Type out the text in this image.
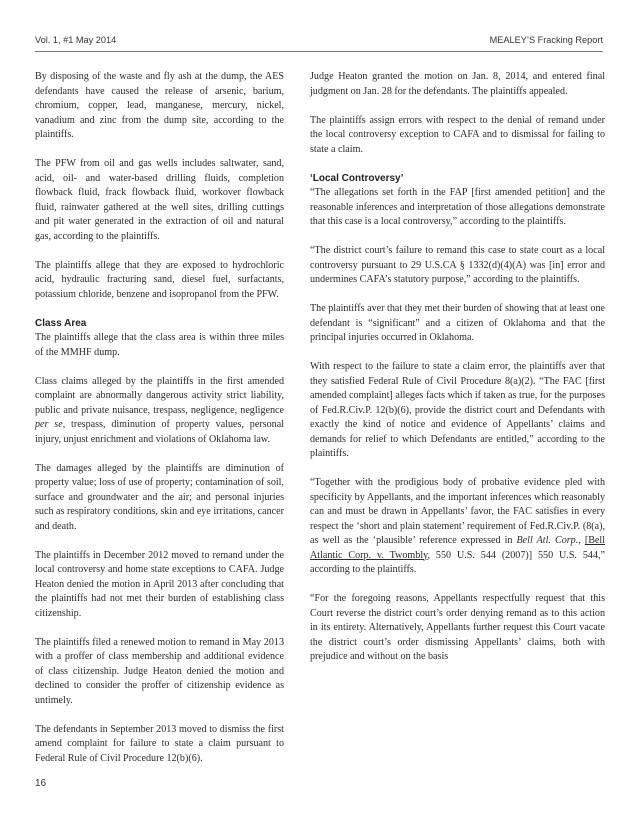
Vol. 1, #1 May 2014	MEALEY’S Fracking Report

By disposing of the waste and fly ash at the dump, the AES defendants have caused the release of arsenic, barium, chromium, copper, lead, manganese, mercury, nickel, vanadium and zinc from the dump site, according to the plaintiffs.

The PFW from oil and gas wells includes saltwater, sand, acid, oil- and water-based drilling fluids, completion flowback fluid, frack flowback fluid, workover flowback fluid, rainwater gathered at the well sites, drilling cuttings and pit water generated in the extraction of oil and natural gas, according to the plaintiffs.

The plaintiffs allege that they are exposed to hydrochloric acid, hydraulic fracturing sand, diesel fuel, surfactants, potassium chloride, benzene and isopropanol from the PFW.

Class Area

The plaintiffs allege that the class area is within three miles of the MMHF dump.

Class claims alleged by the plaintiffs in the first amended complaint are abnormally dangerous activity strict liability, public and private nuisance, trespass, negligence, negligence per se, trespass, diminution of property values, personal injury, unjust enrichment and violations of Oklahoma law.

The damages alleged by the plaintiffs are diminution of property value; loss of use of property; contamination of soil, surface and groundwater and the air; and personal injuries such as respiratory conditions, skin and eye irritations, cancer and death.

The plaintiffs in December 2012 moved to remand under the local controversy and home state exceptions to CAFA. Judge Heaton denied the motion in April 2013 after concluding that the plaintiffs had not met their burden of establishing class citizenship.

The plaintiffs filed a renewed motion to remand in May 2013 with a proffer of class membership and additional evidence of class citizenship. Judge Heaton denied the motion and declined to consider the proffer of citizenship evidence as untimely.

The defendants in September 2013 moved to dismiss the first amend complaint for failure to state a claim pursuant to Federal Rule of Civil Procedure 12(b)(6).

Judge Heaton granted the motion on Jan. 8, 2014, and entered final judgment on Jan. 28 for the defendants. The plaintiffs appealed.

The plaintiffs assign errors with respect to the denial of remand under the local controversy exception to CAFA and to dismissal for failing to state a claim.

‘Local Controversy’

“The allegations set forth in the FAP [first amended petition] and the reasonable inferences and interpretation of those allegations demonstrate that this case is a local controversy,” according to the plaintiffs.

“The district court’s failure to remand this case to state court as a local controversy pursuant to 29 U.S.CA § 1332(d)(4)(A) was [in] error and undermines CAFA’s statutory purpose,” according to the plaintiffs.

The plaintiffs aver that they met their burden of showing that at least one defendant is “significant” and a citizen of Oklahoma and that the principal injuries occurred in Oklahoma.

With respect to the failure to state a claim error, the plaintiffs aver that they satisfied Federal Rule of Civil Procedure 8(a)(2). “The FAC [first amended complaint] alleges facts which if taken as true, for the purposes of Fed.R.Civ.P. 12(b)(6), provide the district court and Defendants with exactly the kind of notice and evidence of Appellants’ claims and demands for relief to which Defendants are entitled,” according to the plaintiffs.

“Together with the prodigious body of probative evidence pled with specificity by Appellants, and the important inferences which reasonably can and must be drawn in Appellants’ favor, the FAC satisfies in every respect the ‘short and plain statement’ requirement of Fed.R.Civ.P. (8(a), as well as the ‘plausible’ reference expressed in Bell Atl. Corp., [Bell Atlantic Corp. v. Twombly, 550 U.S. 544 (2007)] 550 U.S. 544,” according to the plaintiffs.

“For the foregoing reasons, Appellants respectfully request that this Court reverse the district court’s order denying remand as to this action in its entirety. Alternatively, Appellants further request this Court vacate the district court’s order dismissing Appellants’ claims, both with prejudice and without on the basis

16
